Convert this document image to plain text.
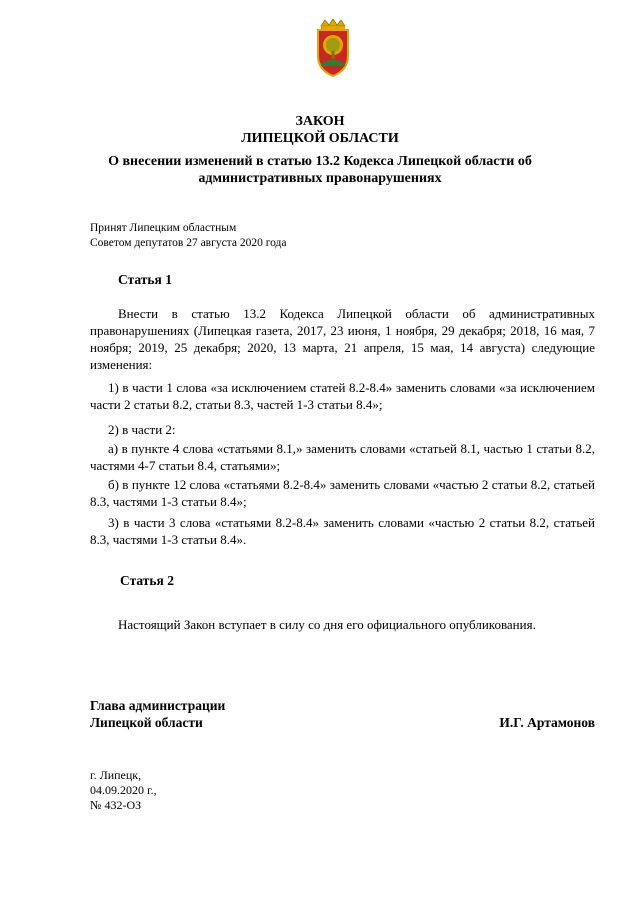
ЗАКОН
ЛИПЕЦКОЙ ОБЛАСТИ
О внесении изменений в статью 13.2 Кодекса Липецкой области об административных правонарушениях
Принят Липецким областным
Советом депутатов 27 августа 2020 года
Статья 1
Внести в статью 13.2 Кодекса Липецкой области об административных правонарушениях (Липецкая газета, 2017, 23 июня, 1 ноября, 29 декабря; 2018, 16 мая, 7 ноября; 2019, 25 декабря; 2020, 13 марта, 21 апреля, 15 мая, 14 августа) следующие изменения:
1) в части 1 слова «за исключением статей 8.2-8.4» заменить словами «за исключением части 2 статьи 8.2, статьи 8.3, частей 1-3 статьи 8.4»;
2) в части 2:
а) в пункте 4 слова «статьями 8.1,» заменить словами «статьей 8.1, частью 1 статьи 8.2, частями 4-7 статьи 8.4, статьями»;
б) в пункте 12 слова «статьями 8.2-8.4» заменить словами «частью 2 статьи 8.2, статьей 8.3, частями 1-3 статьи 8.4»;
3) в части 3 слова «статьями 8.2-8.4» заменить словами «частью 2 статьи 8.2, статьей 8.3, частями 1-3 статьи 8.4».
Статья 2
Настоящий Закон вступает в силу со дня его официального опубликования.
Глава администрации
Липецкой области	И.Г. Артамонов
г. Липецк,
04.09.2020 г.,
№ 432-ОЗ
